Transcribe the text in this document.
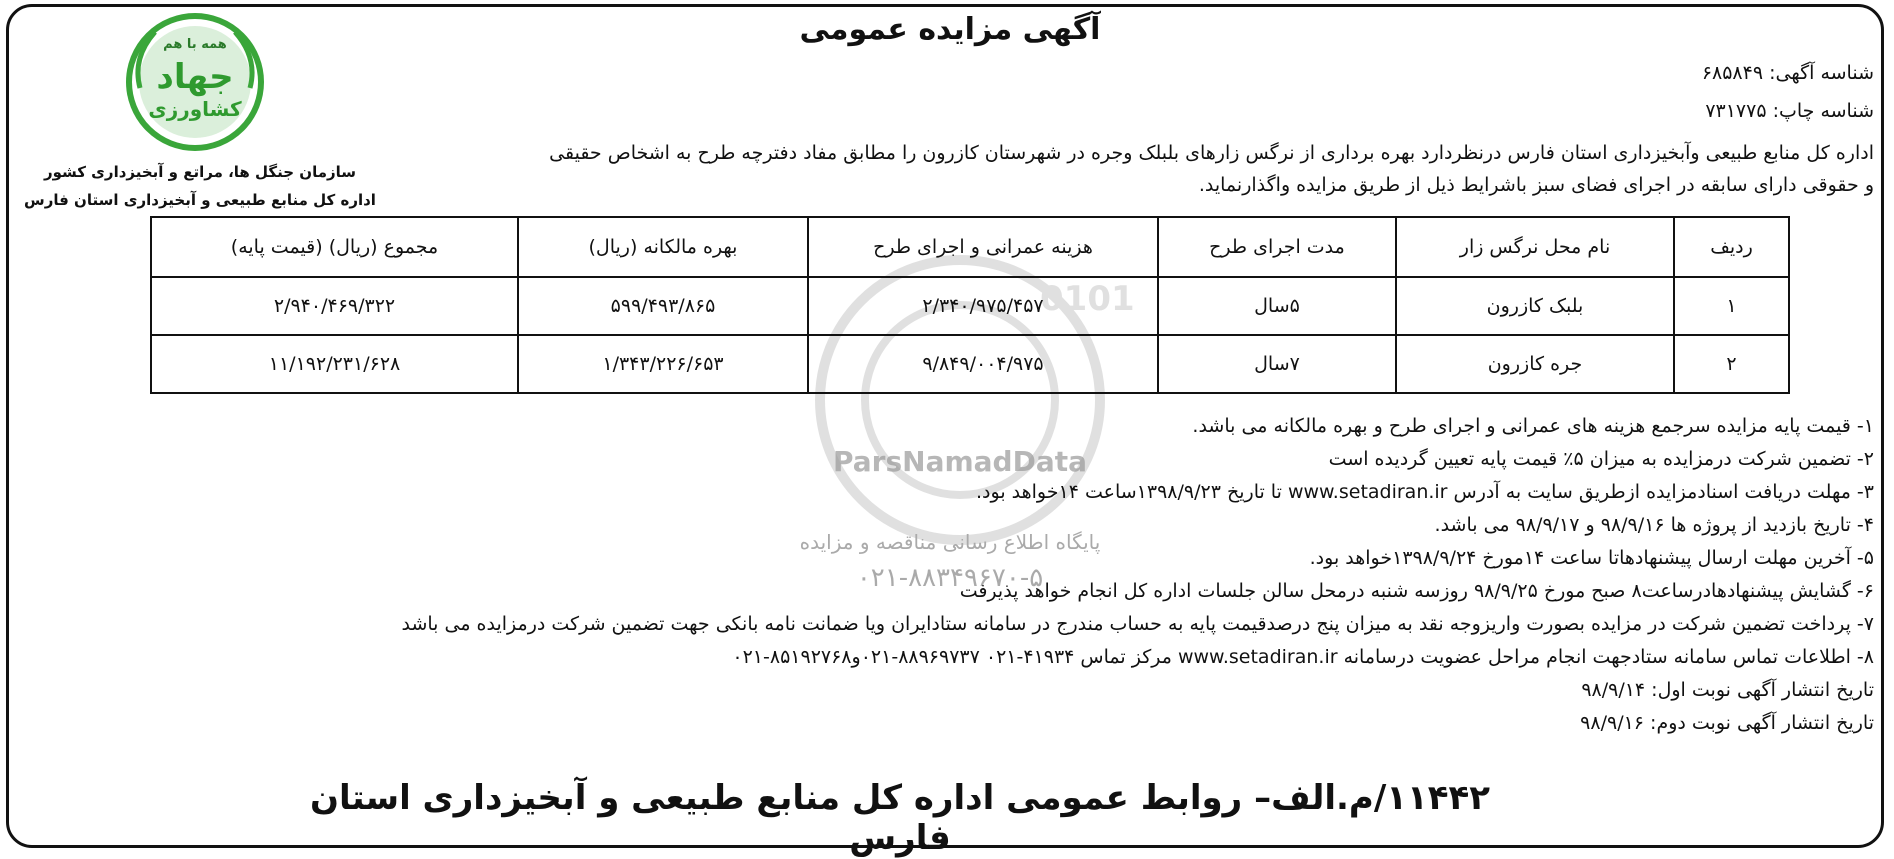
آگهی مزایده عمومی
همه با هم
جهاد
کشاورزی
سازمان جنگل ها، مراتع و آبخیزداری کشور
اداره کل منابع طبیعی و آبخیزداری استان فارس
شناسه آگهی: ۶۸۵۸۴۹
شناسه چاپ: ۷۳۱۷۷۵
اداره کل منابع طبیعی وآبخیزداری استان فارس درنظردارد بهره برداری از نرگس زارهای بلبلک وجره در شهرستان کازرون را مطابق مفاد دفترچه طرح به اشخاص حقیقی
و حقوقی دارای سابقه در اجرای فضای سبز باشرایط ذیل از طریق مزایده واگذارنماید.
0101
ParsNamadData
پایگاه اطلاع رسانی مناقصه و مزایده
۰۲۱-۸۸۳۴۹۶۷۰-۵
ردیف	نام محل نرگس زار	مدت اجرای طرح	هزینه عمرانی و اجرای طرح	بهره مالکانه (ریال)	مجموع (ریال) (قیمت پایه)
۱	بلبک کازرون	۵سال	۲/۳۴۰/۹۷۵/۴۵۷	۵۹۹/۴۹۳/۸۶۵	۲/۹۴۰/۴۶۹/۳۲۲
۲	جره کازرون	۷سال	۹/۸۴۹/۰۰۴/۹۷۵	۱/۳۴۳/۲۲۶/۶۵۳	۱۱/۱۹۲/۲۳۱/۶۲۸
۱- قیمت پایه مزایده سرجمع هزینه های عمرانی و اجرای طرح و بهره مالکانه می باشد.
۲- تضمین شرکت درمزایده به میزان ۵٪ قیمت پایه تعیین گردیده است
۳- مهلت دریافت اسنادمزایده ازطریق سایت به آدرس www.setadiran.ir تا تاریخ ۱۳۹۸/۹/۲۳ساعت ۱۴خواهد بود.
۴- تاریخ بازدید از پروژه ها ۹۸/۹/۱۶ و ۹۸/۹/۱۷ می باشد.
۵- آخرین مهلت ارسال پیشنهادهاتا ساعت ۱۴مورخ ۱۳۹۸/۹/۲۴خواهد بود.
۶- گشایش پیشنهادهادرساعت۸ صبح مورخ ۹۸/۹/۲۵ روزسه شنبه درمحل سالن جلسات اداره کل انجام خواهد پذیرفت
۷- پرداخت تضمین شرکت در مزایده بصورت واریزوجه نقد به میزان پنج درصدقیمت پایه به حساب مندرج در سامانه ستادایران ویا ضمانت نامه بانکی جهت تضمین شرکت درمزایده می باشد
۸- اطلاعات تماس سامانه ستادجهت انجام مراحل عضویت درسامانه www.setadiran.ir مرکز تماس ۴۱۹۳۴-۰۲۱ ۸۸۹۶۹۷۳۷-۰۲۱و۸۵۱۹۲۷۶۸-۰۲۱
تاریخ انتشار آگهی نوبت اول: ۹۸/۹/۱۴
تاریخ انتشار آگهی نوبت دوم: ۹۸/۹/۱۶
۱۱۴۴۲/م.الف– روابط عمومی اداره کل منابع طبیعی و آبخیزداری استان فارس
